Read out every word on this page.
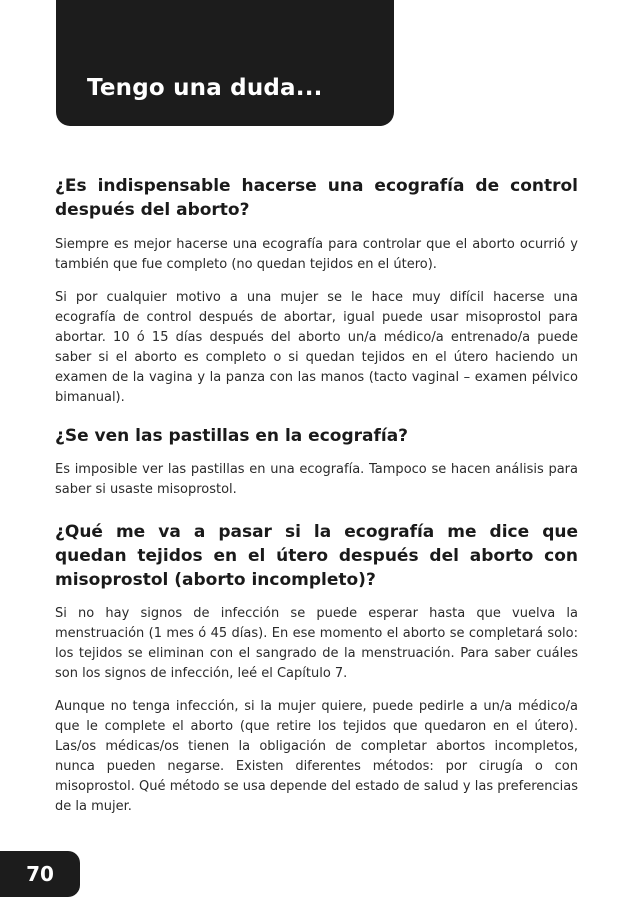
Tengo una duda...
¿Es indispensable hacerse una ecografía de control después del aborto?

Siempre es mejor hacerse una ecografía para controlar que el aborto ocurrió y también que fue completo (no quedan tejidos en el útero).

Si por cualquier motivo a una mujer se le hace muy difícil hacerse una ecografía de control después de abortar, igual puede usar misoprostol para abortar. 10 ó 15 días después del aborto un/a médico/a entrenado/a puede saber si el aborto es completo o si quedan tejidos en el útero haciendo un examen de la vagina y la panza con las manos (tacto vaginal – examen pélvico bimanual).

¿Se ven las pastillas en la ecografía?

Es imposible ver las pastillas en una ecografía. Tampoco se hacen análisis para saber si usaste misoprostol.

¿Qué me va a pasar si la ecografía me dice que quedan tejidos en el útero después del aborto con misoprostol (aborto incompleto)?

Si no hay signos de infección se puede esperar hasta que vuelva la menstruación (1 mes ó 45 días). En ese momento el aborto se completará solo: los tejidos se eliminan con el sangrado de la menstruación. Para saber cuáles son los signos de infección, leé el Capítulo 7.

Aunque no tenga infección, si la mujer quiere, puede pedirle a un/a médico/a que le complete el aborto (que retire los tejidos que quedaron en el útero). Las/os médicas/os tienen la obligación de completar abortos incompletos, nunca pueden negarse. Existen diferentes métodos: por cirugía o con misoprostol. Qué método se usa depende del estado de salud y las preferencias de la mujer.

70
